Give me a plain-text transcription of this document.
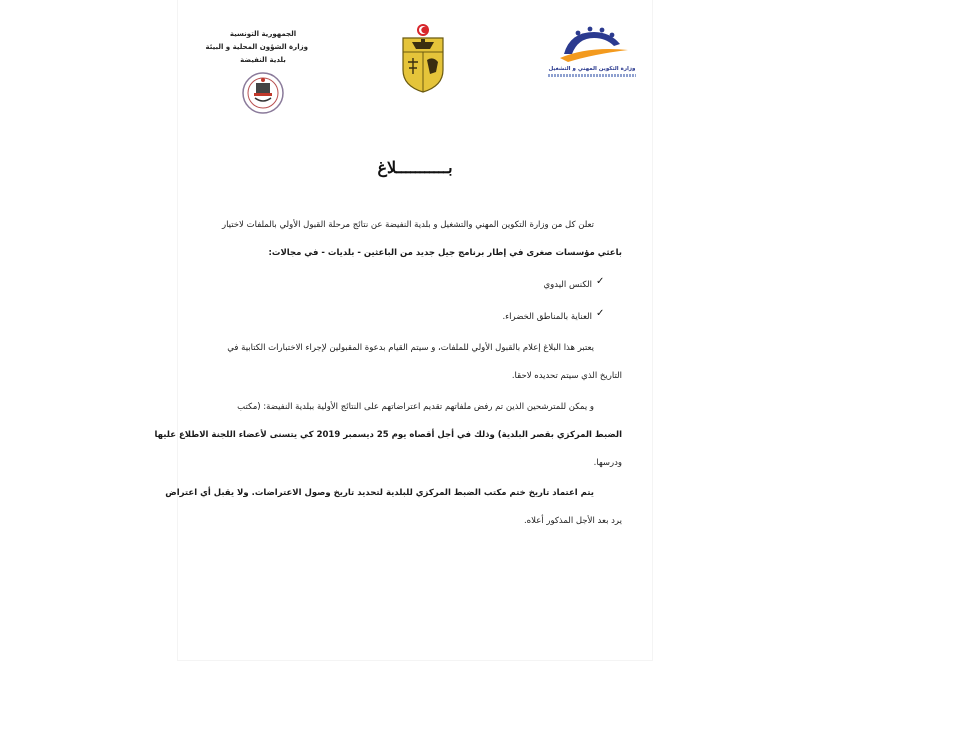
الجمهورية التونسية
وزارة الشؤون المحلية و البيئة
بلدية النفيضة
وزارة التكوين المهني و التشغيل
بـــــــــــلاغ
تعلن كل من وزارة التكوين المهني والتشغيل و بلدية النفيضة عن نتائج مرحلة القبول الأولي بالملفات لاختيار
باعثي مؤسسات صغرى في إطار برنامج جيل جديد من الباعثين - بلديات - في مجالات:
✓
الكنس اليدوي
✓
العناية بالمناطق الخضراء.
يعتبر هذا البلاغ إعلام بالقبول الأولي للملفات، و سيتم القيام بدعوة المقبولين لإجراء الاختبارات الكتابية في
التاريخ الذي سيتم تحديده لاحقا.
و يمكن للمترشحين الذين تم رفض ملفاتهم تقديم اعتراضاتهم على النتائج الأولية ببلدية النفيضة: (مكتب
الضبط المركزي بقصر البلدية) وذلك في أجل أقصاه يوم 25 ديسمبر 2019 كي يتسنى لأعضاء اللجنة الاطلاع عليها
ودرسها.
يتم اعتماد تاريخ ختم مكتب الضبط المركزي للبلدية لتحديد تاريخ وصول الاعتراضات. ولا يقبل أي اعتراض
يرد بعد الأجل المذكور أعلاه.
